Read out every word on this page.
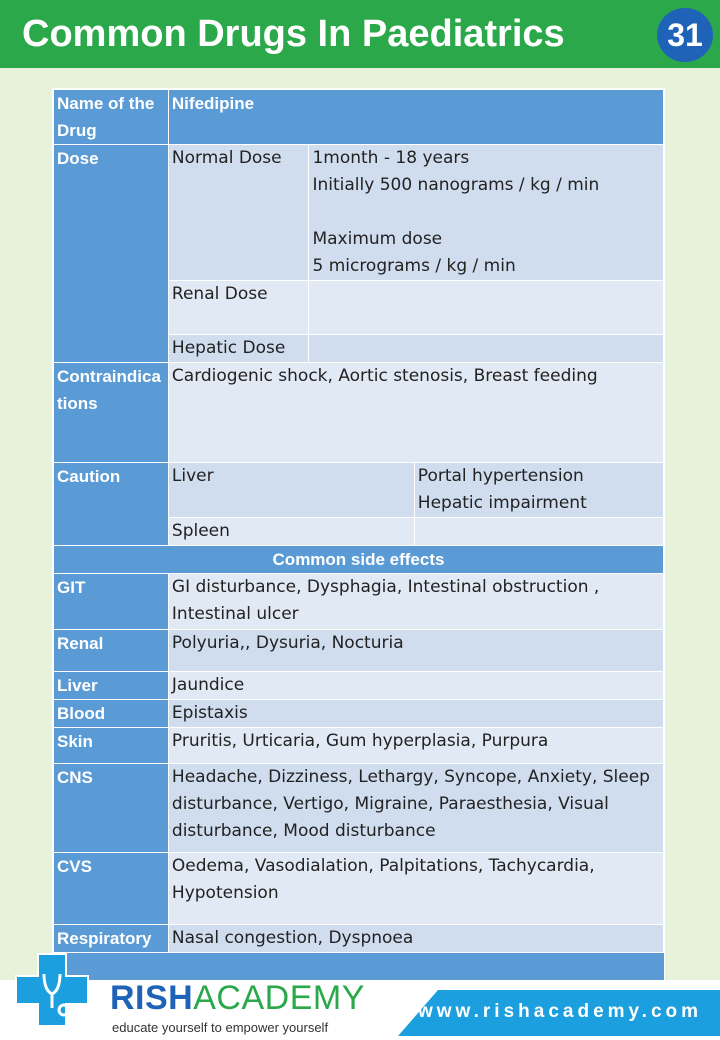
Common Drugs In Paediatrics	31
Name of the Drug	Nifedipine		
Dose	Normal Dose	1month - 18 years
Initially 500 nanograms / kg / min
Maximum dose
5 micrograms / kg / min	

	Renal Dose		
	Hepatic Dose		
Contraindications	Cardiogenic shock, Aortic stenosis, Breast feeding		
Caution	Liver		Portal hypertension
Hepatic impairment
	Spleen		
Common side effects			
GIT	GI disturbance, Dysphagia, Intestinal obstruction , Intestinal ulcer		
Renal	Polyuria,, Dysuria, Nocturia		
Liver	Jaundice		
Blood	Epistaxis		
Skin	Pruritis, Urticaria, Gum hyperplasia, Purpura		
CNS	Headache, Dizziness, Lethargy, Syncope, Anxiety, Sleep disturbance, Vertigo, Migraine, Paraesthesia, Visual disturbance, Mood disturbance		
CVS	Oedema, Vasodialation, Palpitations, Tachycardia, Hypotension		
Respiratory	Nasal congestion, Dyspnoea		
RISHACADEMY
educate yourself to empower yourself
www.rishacademy.com
